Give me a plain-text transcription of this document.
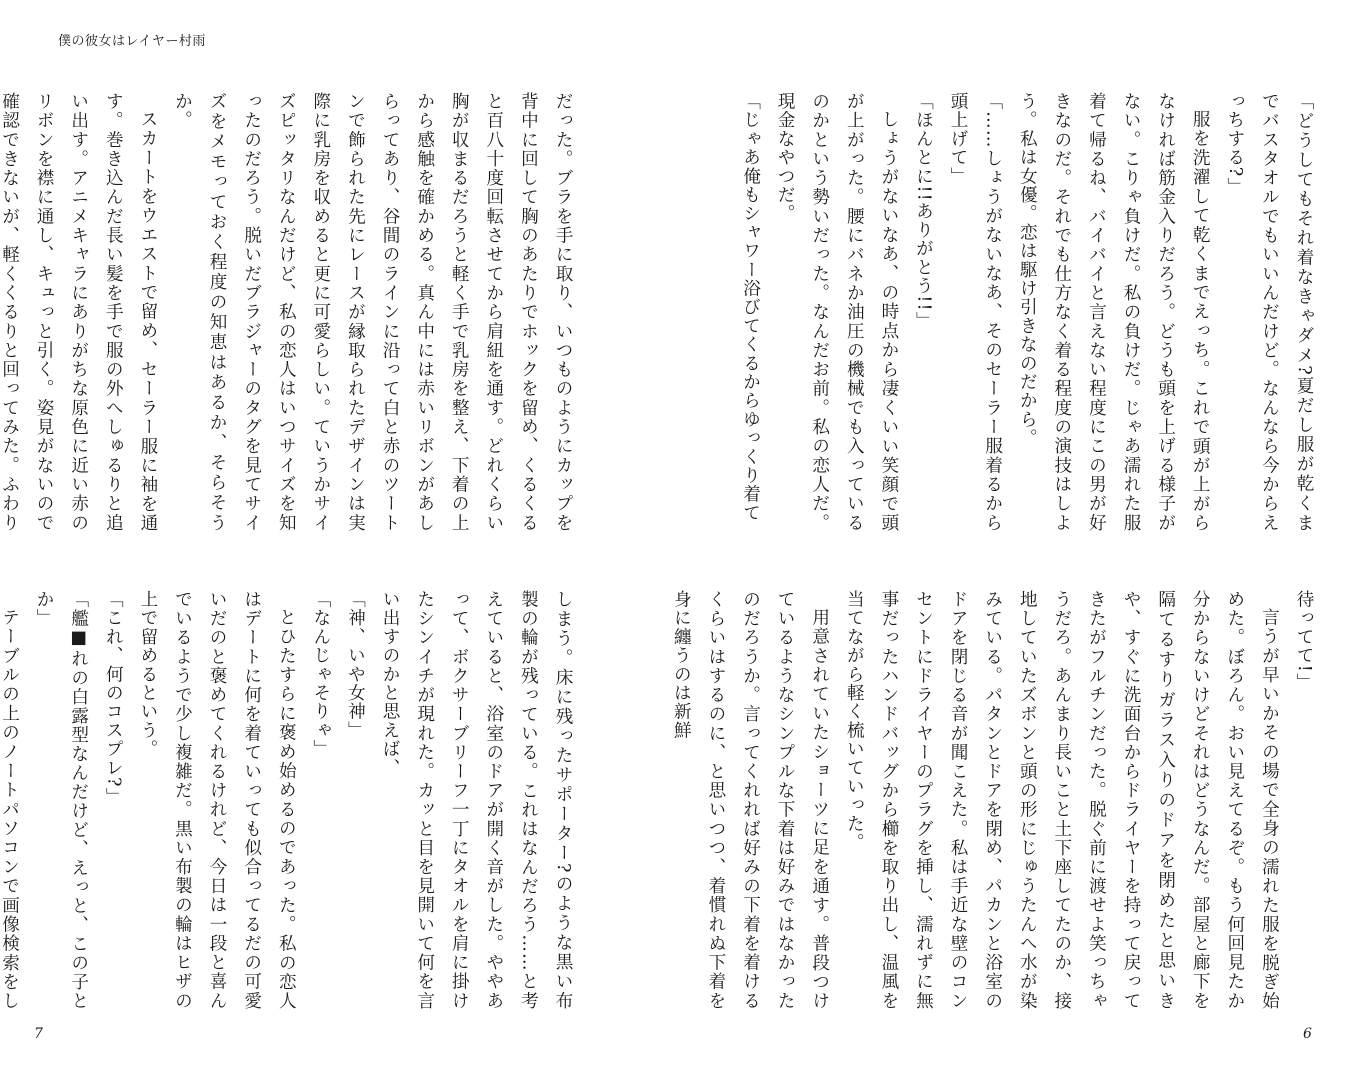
僕の彼女はレイヤー村雨

だった。ブラを手に取り、いつものようにカップを背中に回して胸のあたりでホックを留め、くるくると百八十度回転させてから肩紐を通す。どれくらい胸が収まるだろうと軽く手で乳房を整え、下着の上から感触を確かめる。真ん中には赤いリボンがあしらってあり、谷間のラインに沿って白と赤のツートンで飾られた先にレースが縁取られたデザインは実際に乳房を収めると更に可愛らしい。ていうかサイズピッタリなんだけど、私の恋人はいつサイズを知ったのだろう。脱いだブラジャーのタグを見てサイズをメモっておく程度の知恵はあるか、そらそうか。

スカートをウエストで留め、セーラー服に袖を通す。巻き込んだ長い髪を手で服の外へしゅるりと追い出す。アニメキャラにありがちな原色に近い赤のリボンを襟に通し、キュっと引く。姿見がないので確認できないが、軽くくるりと回ってみた。ふわり

しまう。床に残ったサポーター?のような黒い布製の輪が残っている。これはなんだろう……と考えていると、浴室のドアが開く音がした。ややあって、ボクサーブリーフ一丁にタオルを肩に掛けたシンイチが現れた。カッと目を見開いて何を言い出すのかと思えば、

「神、いや女神」

「なんじゃそりゃ」

とひたすらに褒め始めるのであった。私の恋人はデートに何を着ていっても似合ってるだの可愛いだのと褒めてくれるけれど、今日は一段と喜んでいるようで少し複雑だ。黒い布製の輪はヒザの上で留めるという。

「これ、何のコスプレ?」

「艦■れの白露型なんだけど、えっと、この子とか」

テーブルの上のノートパソコンで画像検索をし

「どうしてもそれ着なきゃダメ?夏だし服が乾くまでバスタオルでもいいんだけど。なんなら今からえっちする?」

服を洗濯して乾くまでえっち。これで頭が上がらなければ筋金入りだろう。どうも頭を上げる様子がない。こりゃ負けだ。私の負けだ。じゃあ濡れた服着て帰るね、バイバイと言えない程度にこの男が好きなのだ。それでも仕方なく着る程度の演技はしよう。私は女優。恋は駆け引きなのだから。

「……しょうがないなあ、そのセーラー服着るから頭上げて」

「ほんとに!!ありがとう!!」

しょうがないなあ、の時点から凄くいい笑顔で頭が上がった。腰にバネか油圧の機械でも入っているのかという勢いだった。なんだお前。私の恋人だ。現金なやつだ。

「じゃあ俺もシャワー浴びてくるからゆっくり着て

待ってて!」

言うが早いかその場で全身の濡れた服を脱ぎ始めた。ぼろん。おい見えてるぞ。もう何回見たか分からないけどそれはどうなんだ。部屋と廊下を隔てるすりガラス入りのドアを閉めたと思いきや、すぐに洗面台からドライヤーを持って戻ってきたがフルチンだった。脱ぐ前に渡せよ笑っちゃうだろ。あんまり長いこと土下座してたのか、接地していたズボンと頭の形にじゅうたんへ水が染みている。パタンとドアを閉め、パカンと浴室のドアを閉じる音が聞こえた。私は手近な壁のコンセントにドライヤーのプラグを挿し、濡れずに無事だったハンドバッグから櫛を取り出し、温風を当てながら軽く梳いていった。

用意されていたショーツに足を通す。普段つけているようなシンプルな下着は好みではなかったのだろうか。言ってくれれば好みの下着を着けるくらいはするのに、と思いつつ、着慣れぬ下着を身に纏うのは新鮮

7	6
